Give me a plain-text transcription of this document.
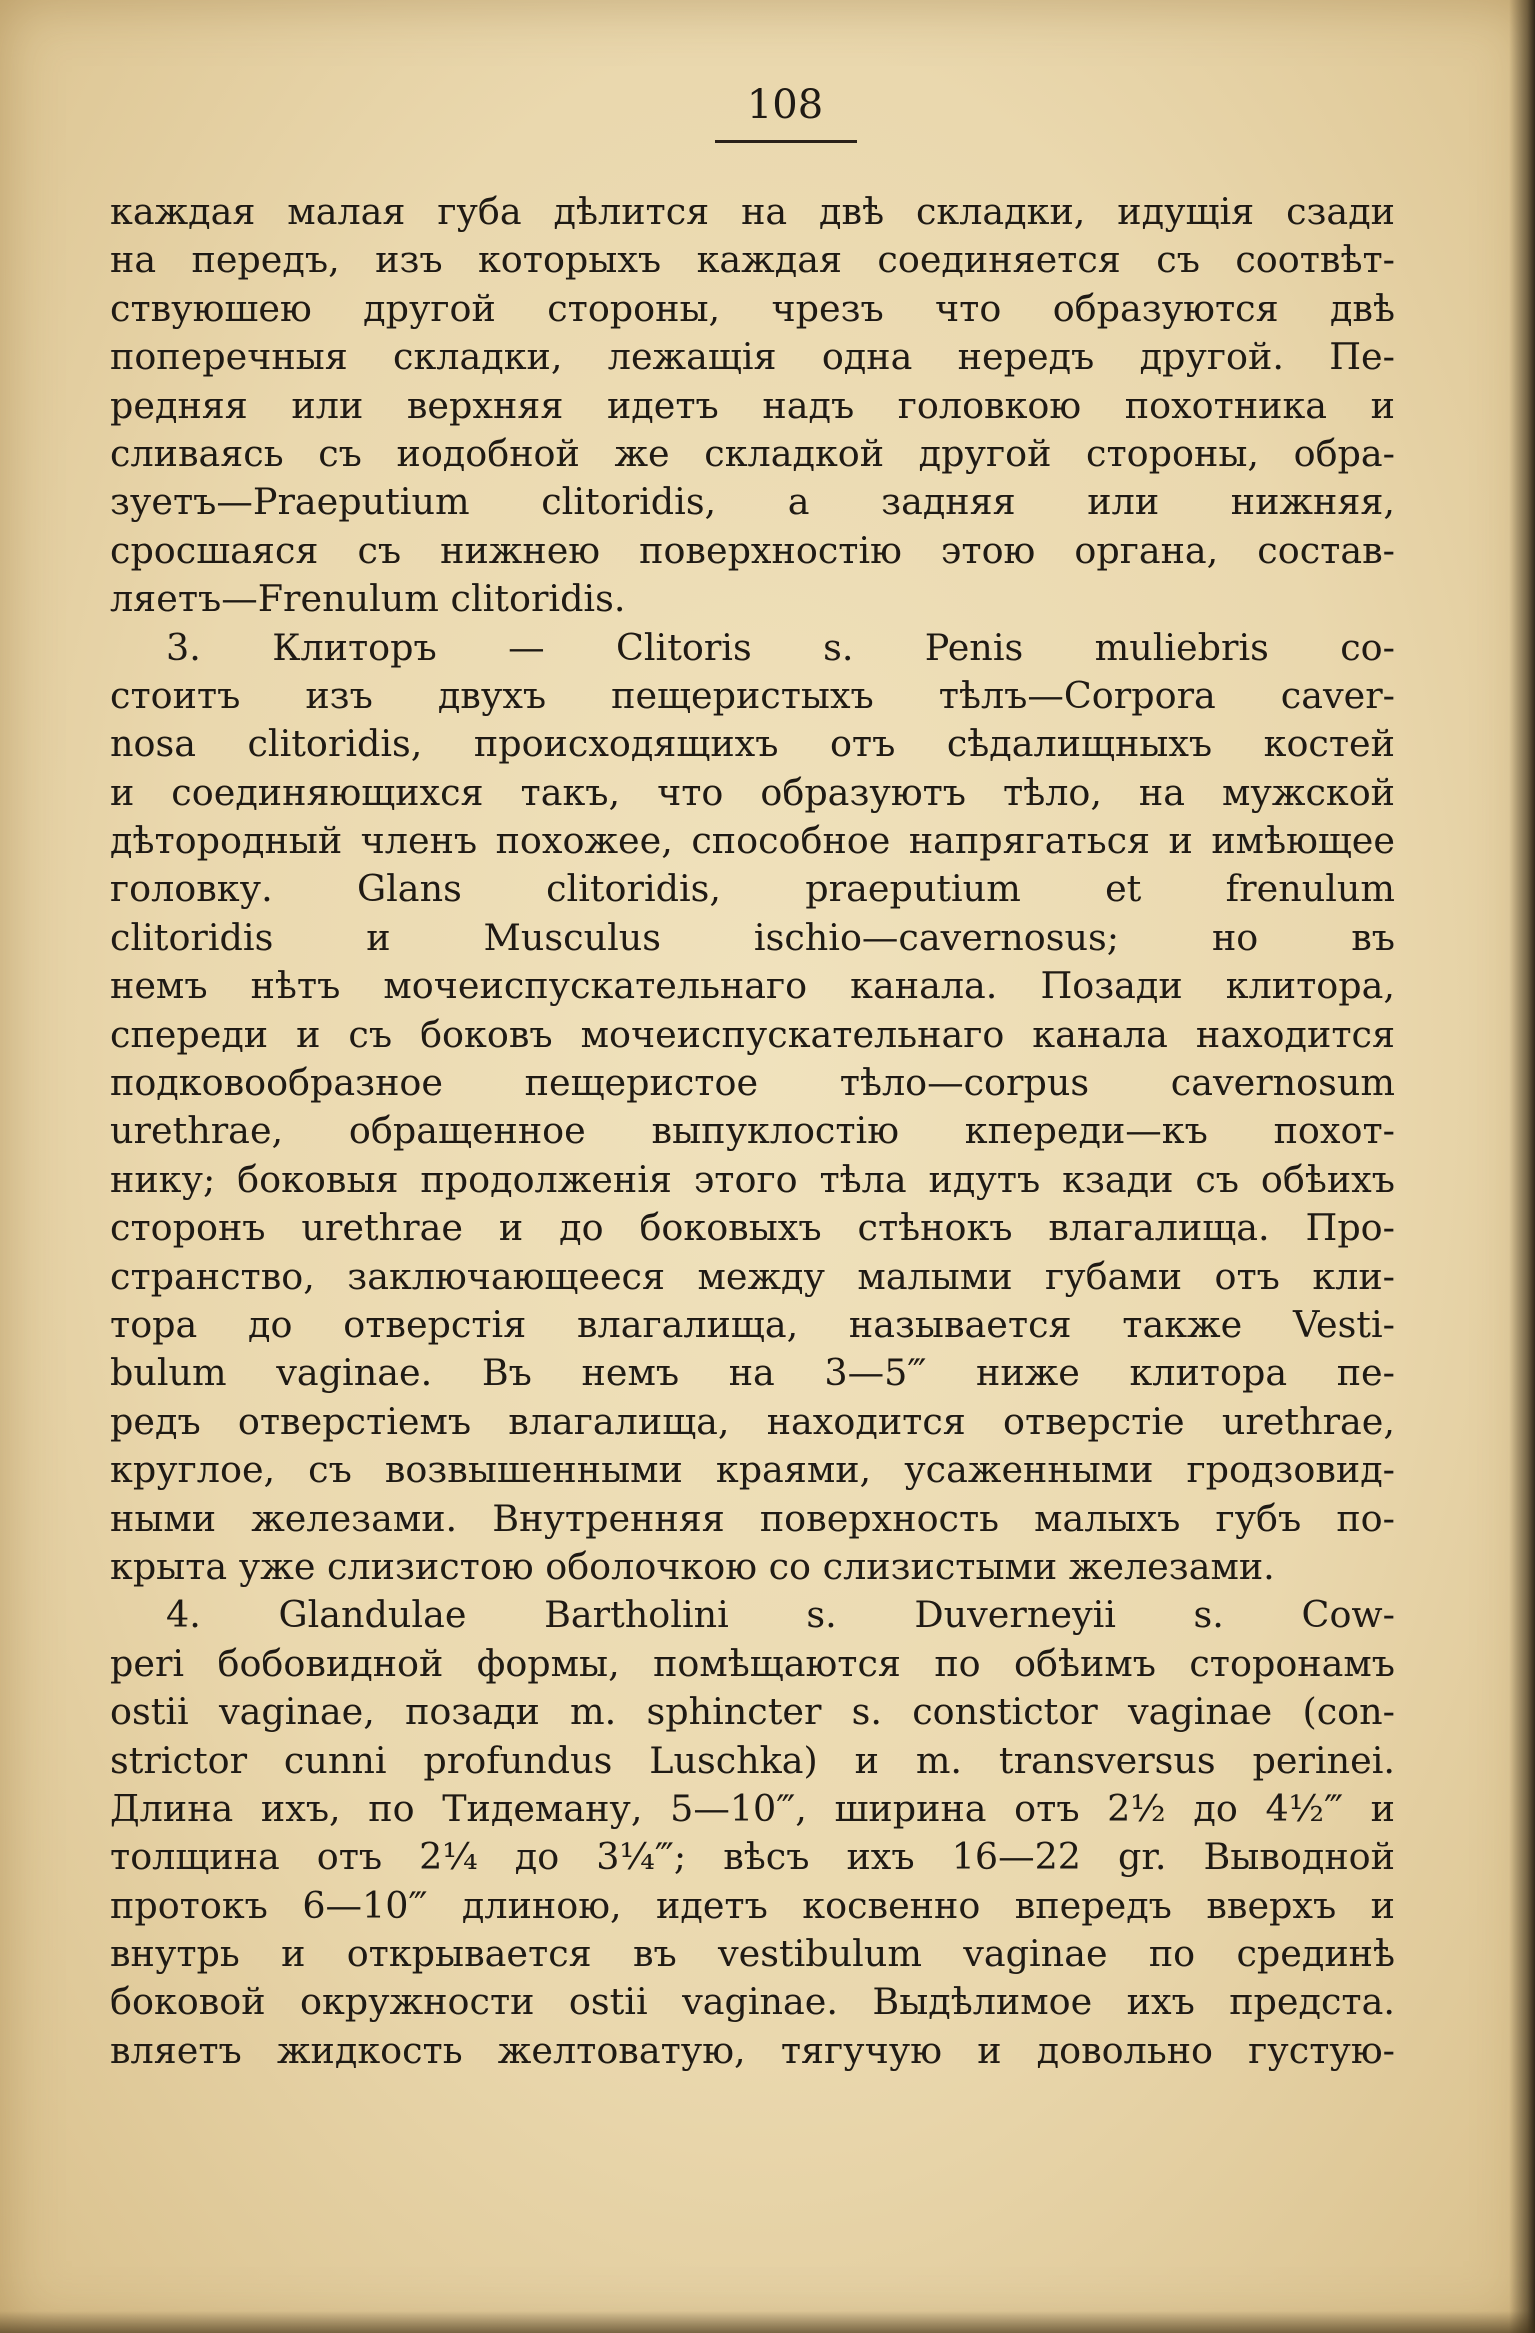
108
каждая малая губа дѣлится на двѣ складки, идущія сзади
на передъ, изъ которыхъ каждая соединяется съ соотвѣт-
ствуюшею другой стороны, чрезъ что образуются двѣ
поперечныя складки, лежащія одна нередъ другой. Пе-
редняя или верхняя идетъ надъ головкою похотника и
сливаясь съ иодобной же складкой другой стороны, обра-
зуетъ—Praeputium clitoridis, а задняя или нижняя,
сросшаяся съ нижнею поверхностію этою органа, состав-
ляетъ—Frenulum clitoridis.
3. Клиторъ — Clitoris s. Penis muliebris со-
стоитъ изъ двухъ пещеристыхъ тѣлъ—Corpora caver-
nosa clitoridis, происходящихъ отъ сѣдалищныхъ костей
и соединяющихся такъ, что образуютъ тѣло, на мужской
дѣтородный членъ похожее, способное напрягаться и имѣющее
головку. Glans clitoridis, praeputium et frenulum
clitoridis и Musculus ischio—cavernosus; но въ
немъ нѣтъ мочеиспускательнаго канала. Позади клитора,
спереди и съ боковъ мочеиспускательнаго канала находится
подковообразное пещеристое тѣло—corpus cavernosum
urethrae, обращенное выпуклостію кпереди—къ похот-
нику; боковыя продолженія этого тѣла идутъ кзади съ обѣихъ
сторонъ urethrae и до боковыхъ стѣнокъ влагалища. Про-
странство, заключающееся между малыми губами отъ кли-
тора до отверстія влагалища, называется также Vesti-
bulum vaginae. Въ немъ на 3—5‴ ниже клитора пе-
редъ отверстіемъ влагалища, находится отверстіе urethrae,
круглое, съ возвышенными краями, усаженными гродзовид-
ными железами. Внутренняя поверхность малыхъ губъ по-
крыта уже слизистою оболочкою со слизистыми железами.
4. Glandulae Bartholini s. Duverneyii s. Cow-
peri бобовидной формы, помѣщаются по обѣимъ сторонамъ
ostii vaginae, позади m. sphincter s. constictor vaginae (con-
strictor cunni profundus Luschka) и m. transversus perinei.
Длина ихъ, по Тидеману, 5—10‴, ширина отъ 2½ до 4½‴ и
толщина отъ 2¼ до 3¼‴; вѣсъ ихъ 16—22 gr. Выводной
протокъ 6—10‴ длиною, идетъ косвенно впередъ вверхъ и
внутрь и открывается въ vestibulum vaginae по срединѣ
боковой окружности ostii vaginae. Выдѣлимое ихъ предста.
вляетъ жидкость желтоватую, тягучую и довольно густую-
